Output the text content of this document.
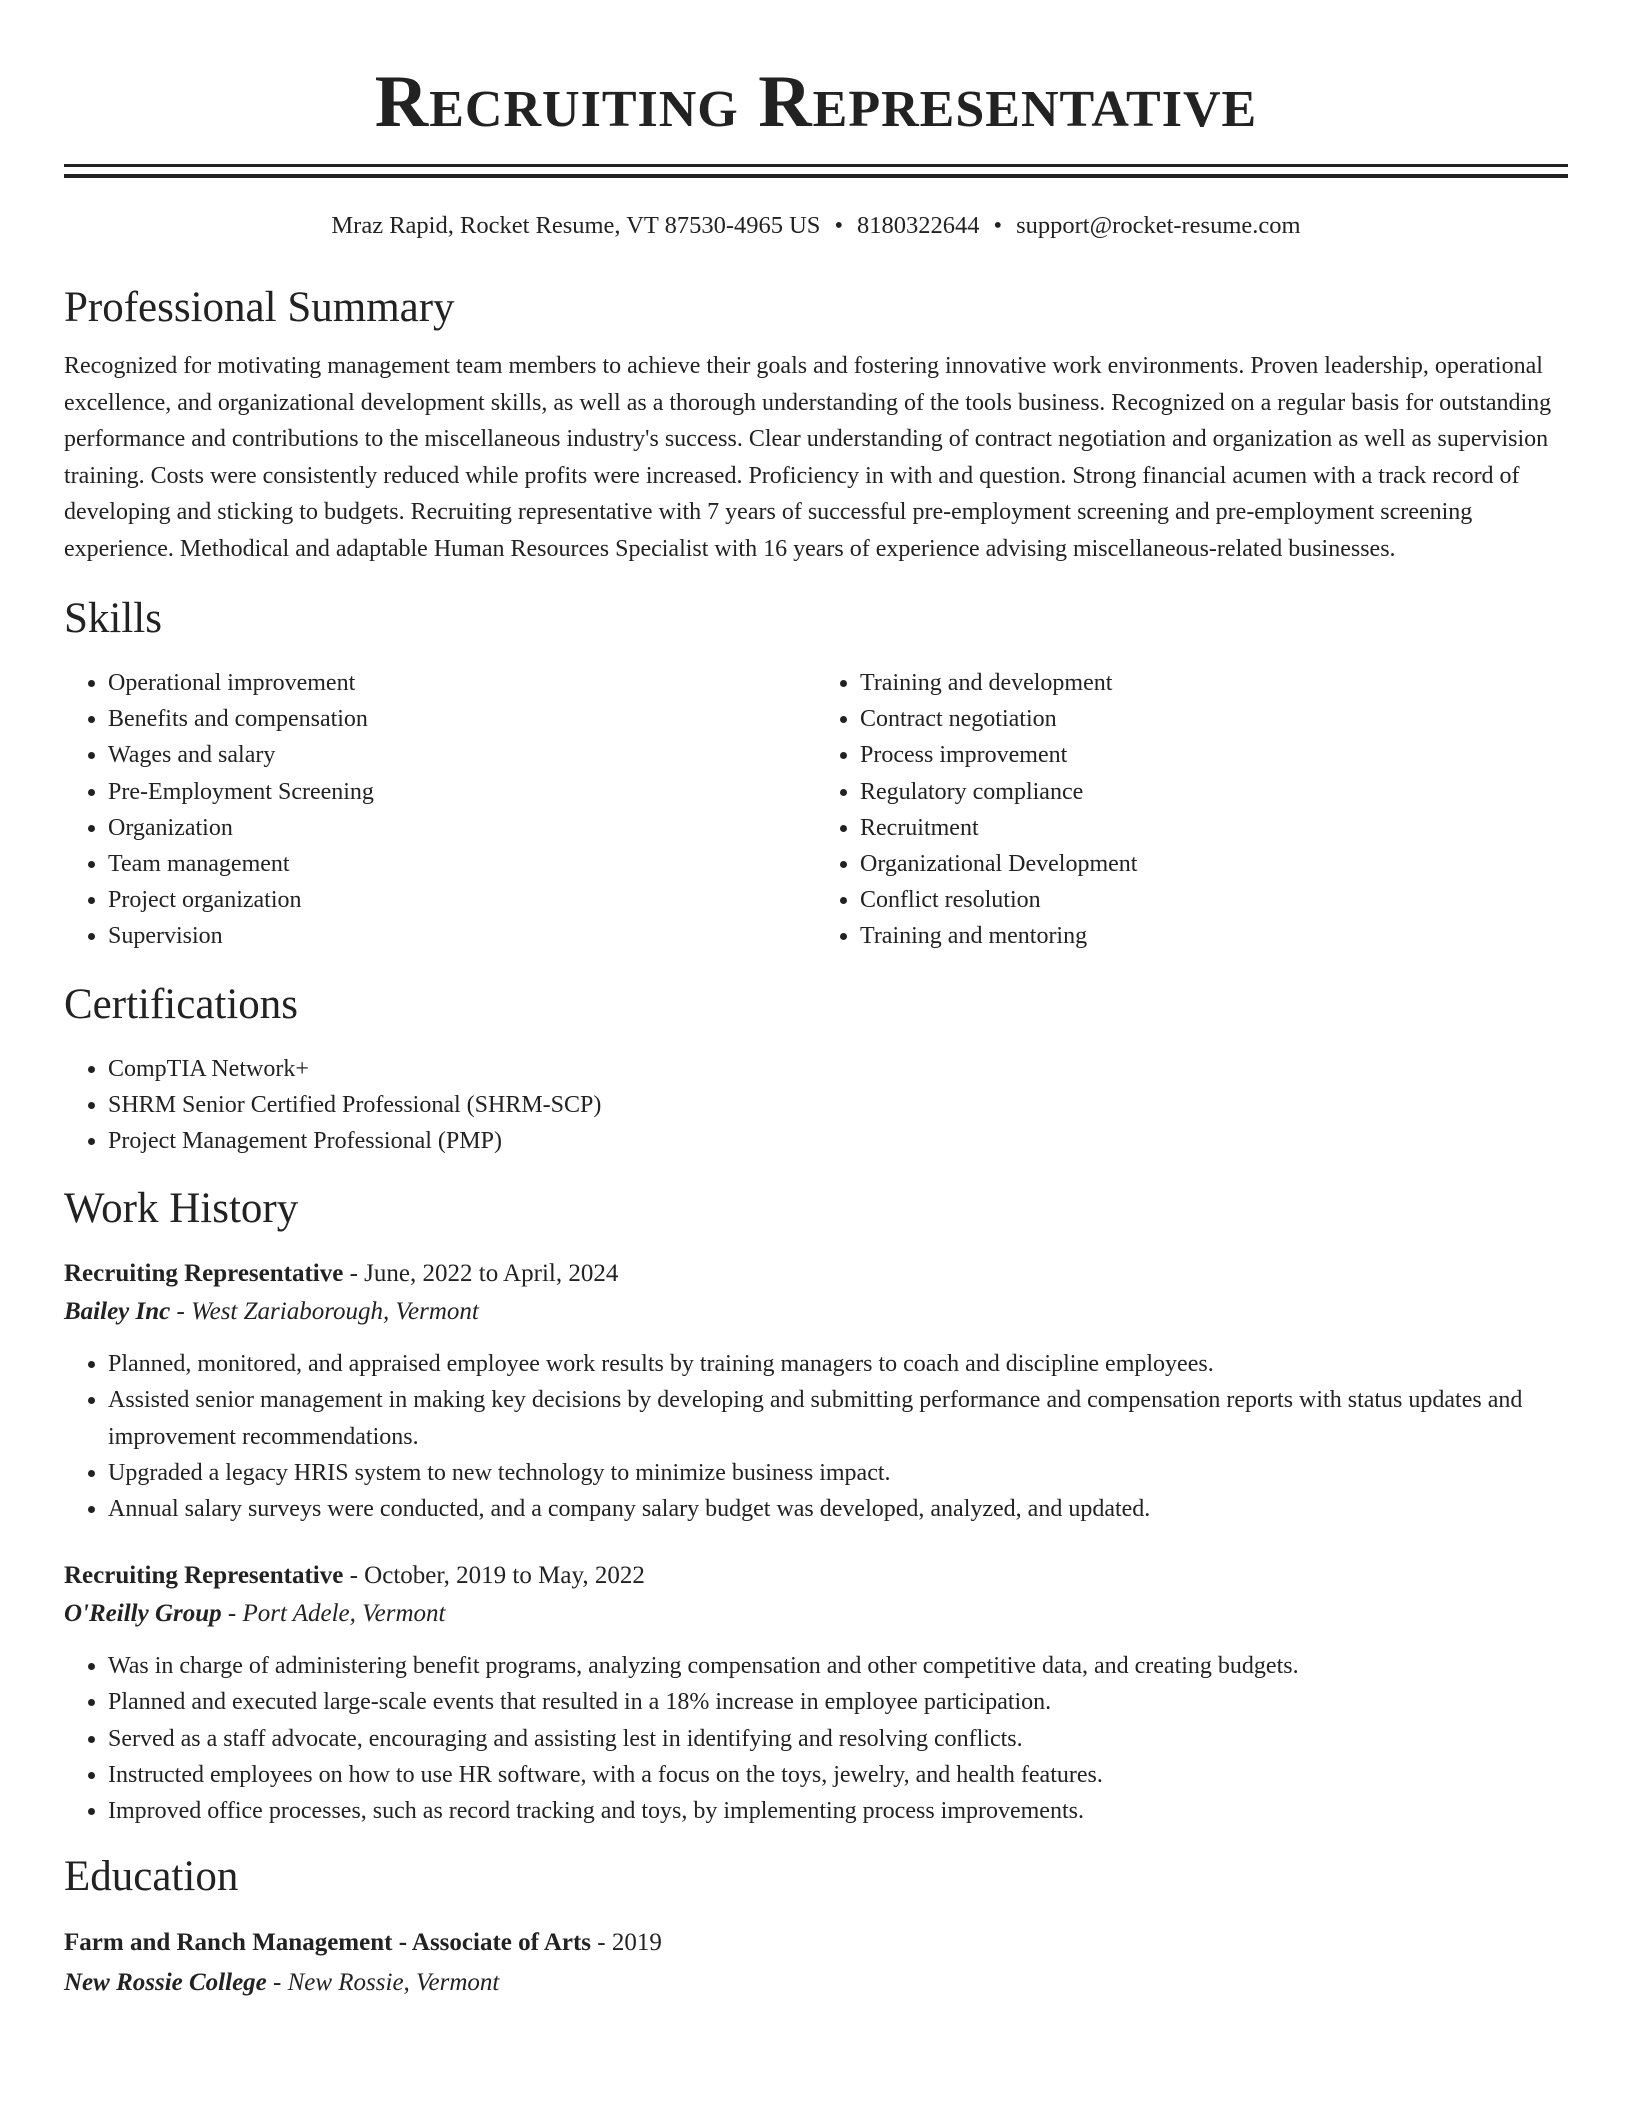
Recruiting Representative
Mraz Rapid, Rocket Resume, VT 87530-4965 US • 8180322644 • support@rocket-resume.com
Professional Summary

Recognized for motivating management team members to achieve their goals and fostering innovative work environments. Proven leadership, operational excellence, and organizational development skills, as well as a thorough understanding of the tools business. Recognized on a regular basis for outstanding performance and contributions to the miscellaneous industry's success. Clear understanding of contract negotiation and organization as well as supervision training. Costs were consistently reduced while profits were increased. Proficiency in with and question. Strong financial acumen with a track record of developing and sticking to budgets. Recruiting representative with 7 years of successful pre-employment screening and pre-employment screening experience. Methodical and adaptable Human Resources Specialist with 16 years of experience advising miscellaneous-related businesses.

Skills
• Operational improvement
• Benefits and compensation
• Wages and salary
• Pre-Employment Screening
• Organization
• Team management
• Project organization
• Supervision
• Training and development
• Contract negotiation
• Process improvement
• Regulatory compliance
• Recruitment
• Organizational Development
• Conflict resolution
• Training and mentoring
Certifications
• CompTIA Network+
• SHRM Senior Certified Professional (SHRM-SCP)
• Project Management Professional (PMP)
Work History
Recruiting Representative - June, 2022 to April, 2024
Bailey Inc - West Zariaborough, Vermont
• Planned, monitored, and appraised employee work results by training managers to coach and discipline employees.
• Assisted senior management in making key decisions by developing and submitting performance and compensation reports with status updates and improvement recommendations.
• Upgraded a legacy HRIS system to new technology to minimize business impact.
• Annual salary surveys were conducted, and a company salary budget was developed, analyzed, and updated.
Recruiting Representative - October, 2019 to May, 2022
O'Reilly Group - Port Adele, Vermont
• Was in charge of administering benefit programs, analyzing compensation and other competitive data, and creating budgets.
• Planned and executed large-scale events that resulted in a 18% increase in employee participation.
• Served as a staff advocate, encouraging and assisting lest in identifying and resolving conflicts.
• Instructed employees on how to use HR software, with a focus on the toys, jewelry, and health features.
• Improved office processes, such as record tracking and toys, by implementing process improvements.
Education
Farm and Ranch Management - Associate of Arts - 2019
New Rossie College - New Rossie, Vermont
